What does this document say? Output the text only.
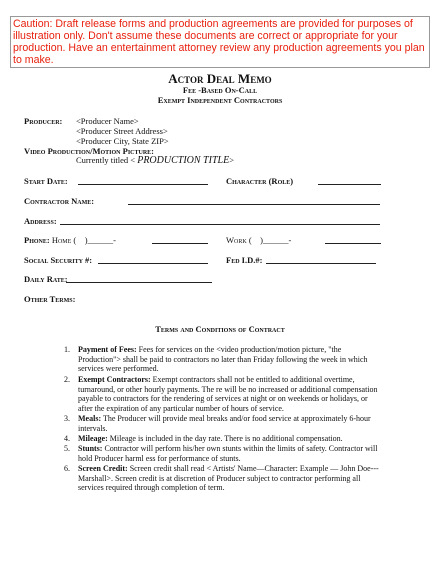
Caution: Draft release forms and production agreements are provided for purposes of illustration only. Don't assume these documents are correct or appropriate for your production. Have an entertainment attorney review any production agreements you plan to make.
Actor Deal Memo
Fee -Based On-Call
Exempt Independent Contractors
Producer: <Producer Name>
<Producer Street Address>
<Producer City, State ZIP>
Video Production/Motion Picture:
Currently titled < PRODUCTION TITLE>
Start Date:	Character (Role)
Contractor Name:
Address:
Phone: Home ( )______-	Work ( )______-
Social Security #:	Fed I.D.#:
Daily Rate:
Other Terms:
Terms and Conditions of Contract
1. Payment of Fees: Fees for services on the <video production/motion picture, "the Production"> shall be paid to contractors no later than Friday following the week in which services were performed.
2. Exempt Contractors: Exempt contractors shall not be entitled to additional overtime, turnaround, or other hourly payments. The re will be no increased or additional compensation payable to contractors for the rendering of services at night or on weekends or holidays, or after the expiration of any particular number of hours of service.
3. Meals: The Producer will provide meal breaks and/or food service at approximately 6-hour intervals.
4. Mileage: Mileage is included in the day rate. There is no additional compensation.
5. Stunts: Contractor will perform his/her own stunts within the limits of safety. Contractor will hold Producer harml ess for performance of stunts.
6. Screen Credit: Screen credit shall read < Artists' Name—Character: Example — John Doe---Marshall>. Screen credit is at discretion of Producer subject to contractor performing all services required through completion of term.
